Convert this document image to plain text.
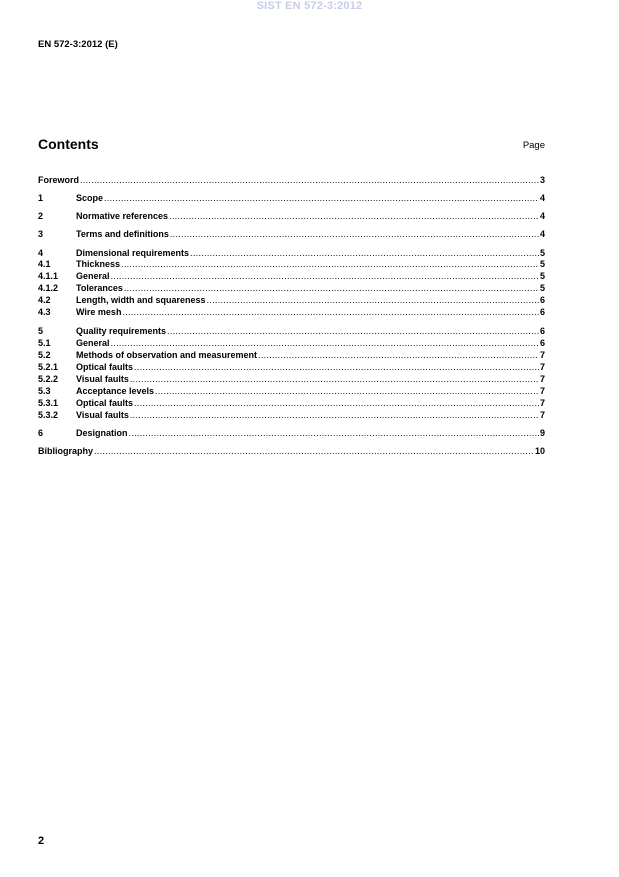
SIST EN 572-3:2012
EN 572-3:2012 (E)
Contents	Page
Foreword .....	3
1	Scope .....	4
2	Normative references .....	4
3	Terms and definitions .....	4
4	Dimensional requirements .....	5
4.1	Thickness .....	5
4.1.1	General .....	5
4.1.2	Tolerances .....	5
4.2	Length, width and squareness .....	6
4.3	Wire mesh .....	6
5	Quality requirements .....	6
5.1	General .....	6
5.2	Methods of observation and measurement .....	7
5.2.1	Optical faults .....	7
5.2.2	Visual faults .....	7
5.3	Acceptance levels .....	7
5.3.1	Optical faults .....	7
5.3.2	Visual faults .....	7
6	Designation .....	9
Bibliography .....	10
2
